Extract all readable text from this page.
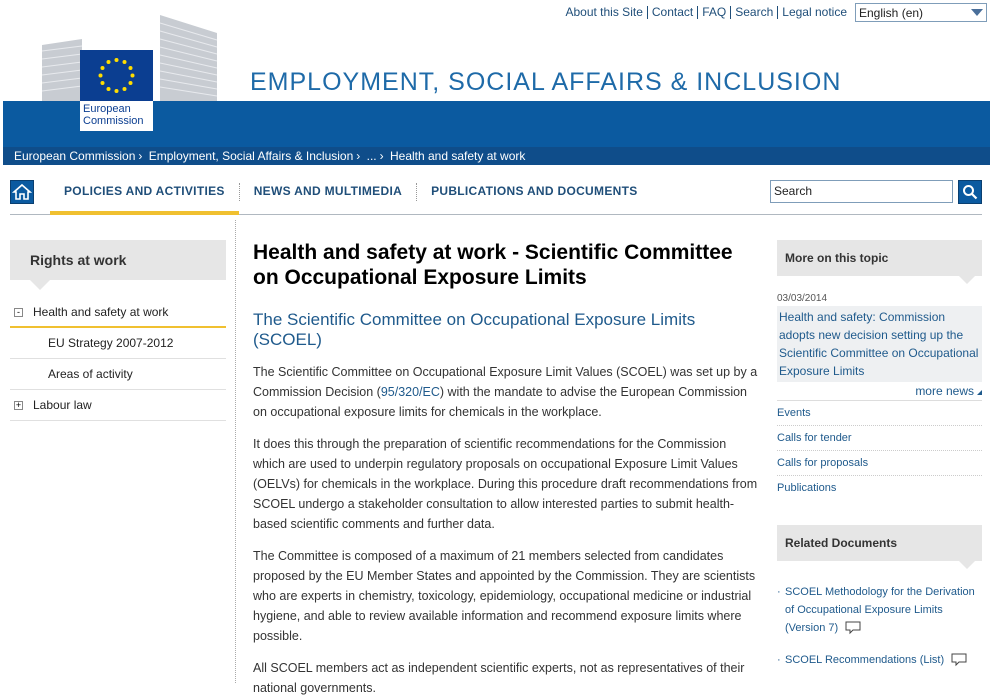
European
Commission
EMPLOYMENT, SOCIAL AFFAIRS & INCLUSION
European Commission › Employment, Social Affairs & Inclusion › ... › Health and safety at work
About this Site Contact FAQ Search Legal notice	English (en)
POLICIES AND ACTIVITIES	NEWS AND MULTIMEDIA	PUBLICATIONS AND DOCUMENTS	Search
Rights at work
- Health and safety at work
EU Strategy 2007-2012
Areas of activity
+ Labour law
Health and safety at work - Scientific Committee on Occupational Exposure Limits
The Scientific Committee on Occupational Exposure Limits (SCOEL)

The Scientific Committee on Occupational Exposure Limit Values (SCOEL) was set up by a Commission Decision (95/320/EC) with the mandate to advise the European Commission on occupational exposure limits for chemicals in the workplace.

It does this through the preparation of scientific recommendations for the Commission which are used to underpin regulatory proposals on occupational Exposure Limit Values (OELVs) for chemicals in the workplace. During this procedure draft recommendations from SCOEL undergo a stakeholder consultation to allow interested parties to submit health-based scientific comments and further data.

The Committee is composed of a maximum of 21 members selected from candidates proposed by the EU Member States and appointed by the Commission. They are scientists who are experts in chemistry, toxicology, epidemiology, occupational medicine or industrial hygiene, and able to review available information and recommend exposure limits where possible.

All SCOEL members act as independent scientific experts, not as representatives of their national governments.

More on this topic
03/03/2014
Health and safety: Commission adopts new decision setting up the Scientific Committee on Occupational Exposure Limits
more news
Events
Calls for tender
Calls for proposals
Publications
Related Documents
· SCOEL Methodology for the Derivation of Occupational Exposure Limits (Version 7)
· SCOEL Recommendations (List)
